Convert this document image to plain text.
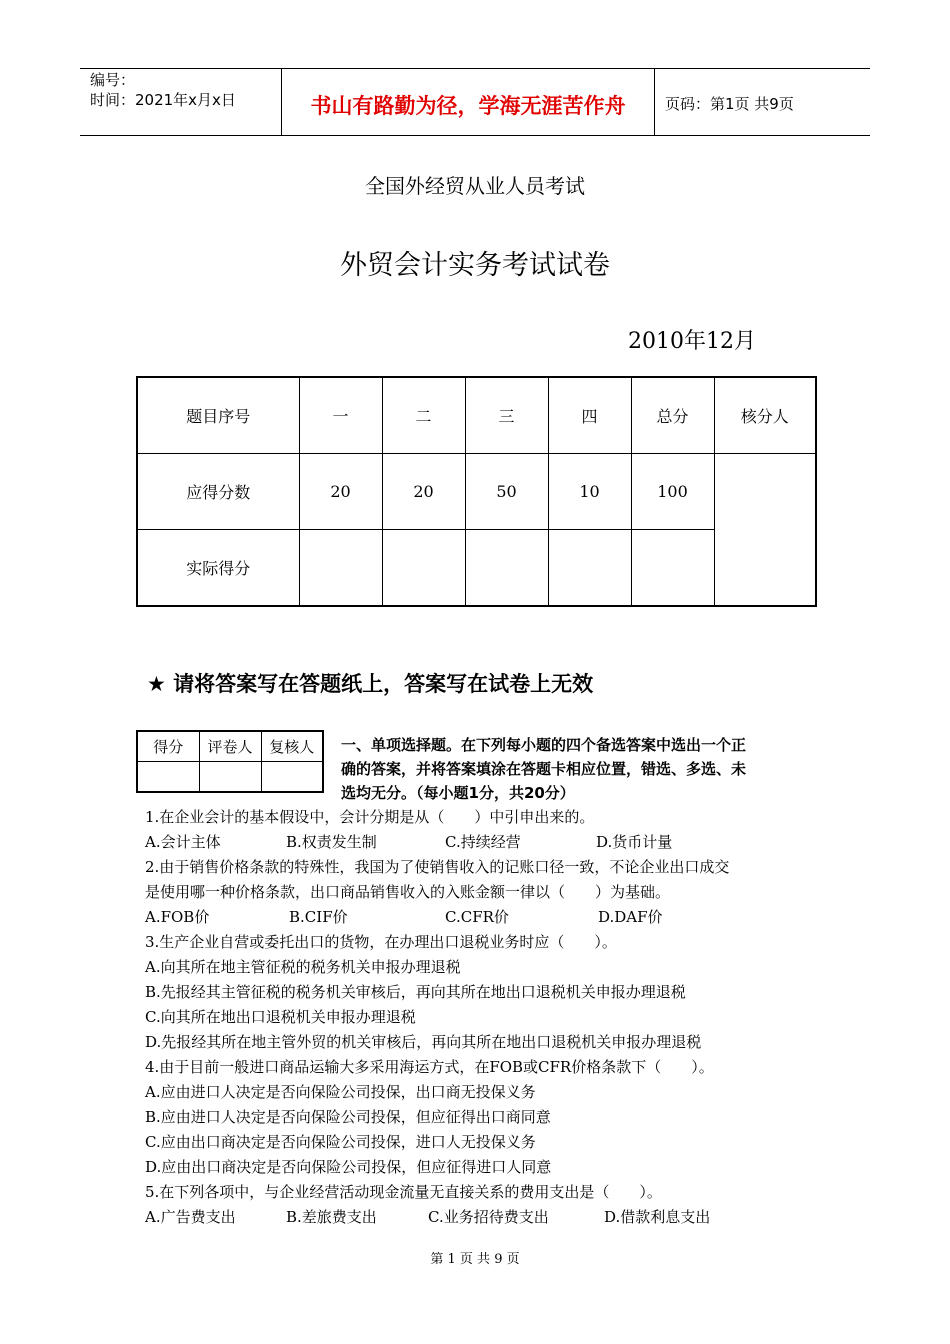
编号：
时间：2021年x月x日	书山有路勤为径，学海无涯苦作舟	页码：第1页 共9页
全国外经贸从业人员考试
外贸会计实务考试试卷
2010年12月
题目序号	一	二	三	四	总分	核分人
应得分数	20	20	50	10	100	
实际得分						
★ 请将答案写在答题纸上，答案写在试卷上无效
得分	评卷人	复核人
		一、单项选择题。在下列每小题的四个备选答案中选出一个正
确的答案，并将答案填涂在答题卡相应位置，错选、多选、未
选均无分。（每小题1分，共20分）
1.在企业会计的基本假设中，会计分期是从（　　）中引申出来的。
A.会计主体	B.权责发生制	C.持续经营	D.货币计量
2.由于销售价格条款的特殊性，我国为了使销售收入的记账口径一致，不论企业出口成交
是使用哪一种价格条款，出口商品销售收入的入账金额一律以（　　）为基础。
A.FOB价	B.CIF价	C.CFR价	D.DAF价
3.生产企业自营或委托出口的货物，在办理出口退税业务时应（　　）。
A.向其所在地主管征税的税务机关申报办理退税
B.先报经其主管征税的税务机关审核后，再向其所在地出口退税机关申报办理退税
C.向其所在地出口退税机关申报办理退税
D.先报经其所在地主管外贸的机关审核后，再向其所在地出口退税机关申报办理退税
4.由于目前一般进口商品运输大多采用海运方式，在FOB或CFR价格条款下（　　）。
A.应由进口人决定是否向保险公司投保，出口商无投保义务
B.应由进口人决定是否向保险公司投保，但应征得出口商同意
C.应由出口商决定是否向保险公司投保，进口人无投保义务
D.应由出口商决定是否向保险公司投保，但应征得进口人同意
5.在下列各项中，与企业经营活动现金流量无直接关系的费用支出是（　　）。
A.广告费支出	B.差旅费支出	C.业务招待费支出	D.借款利息支出
第 1 页 共 9 页
